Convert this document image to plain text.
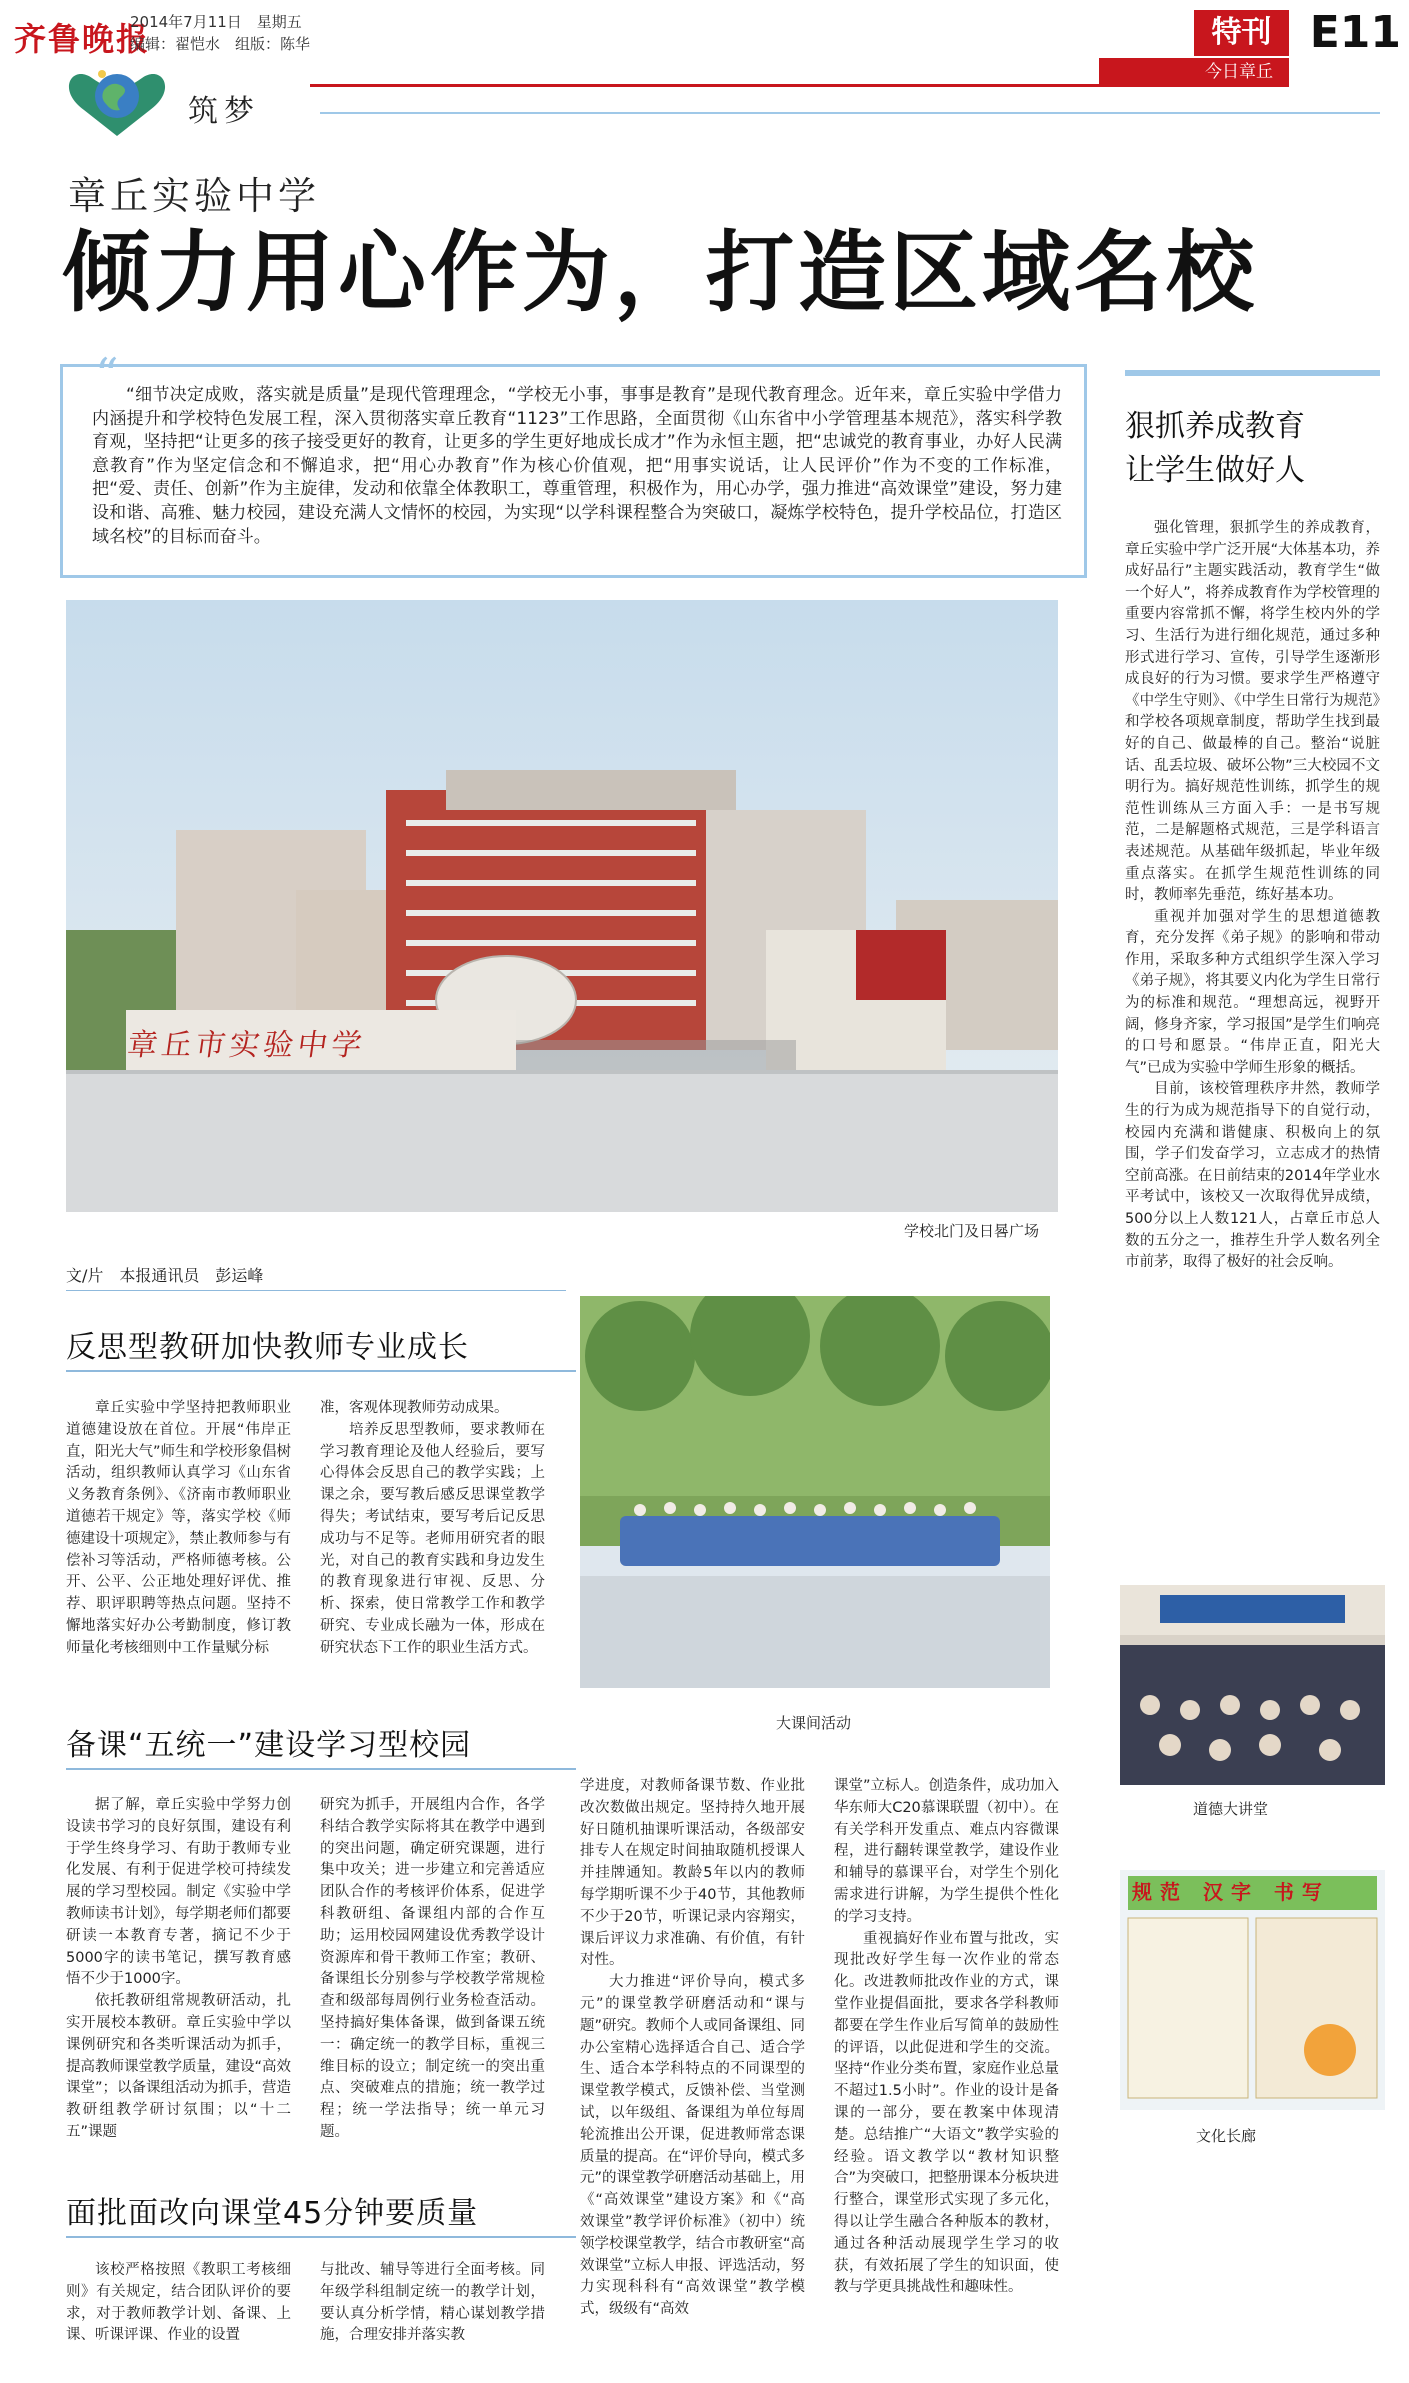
齐鲁晚报
2014年7月11日　星期五
编辑：翟恺水　组版：陈华	特刊 E11
今日章丘
筑梦
章丘实验中学
倾力用心作为，打造区域名校
“ “细节决定成败，落实就是质量”是现代管理理念，“学校无小事，事事是教育”是现代教育理念。近年来，章丘实验中学借力内涵提升和学校特色发展工程，深入贯彻落实章丘教育“1123”工作思路，全面贯彻《山东省中小学管理基本规范》，落实科学教育观，坚持把“让更多的孩子接受更好的教育，让更多的学生更好地成长成才”作为永恒主题，把“忠诚党的教育事业，办好人民满意教育”作为坚定信念和不懈追求，把“用心办教育”作为核心价值观，把“用事实说话，让人民评价”作为不变的工作标准，把“爱、责任、创新”作为主旋律，发动和依靠全体教职工，尊重管理，积极作为，用心办学，强力推进“高效课堂”建设，努力建设和谐、高雅、魅力校园，建设充满人文情怀的校园，为实现“以学科课程整合为突破口，凝炼学校特色，提升学校品位，打造区域名校”的目标而奋斗。
章丘市实验中学
学校北门及日晷广场
文/片　本报通讯员　彭运峰
反思型教研加快教师专业成长
章丘实验中学坚持把教师职业道德建设放在首位。开展“伟岸正直，阳光大气”师生和学校形象倡树活动，组织教师认真学习《山东省义务教育条例》、《济南市教师职业道德若干规定》等，落实学校《师德建设十项规定》，禁止教师参与有偿补习等活动，严格师德考核。公开、公平、公正地处理好评优、推荐、职评职聘等热点问题。坚持不懈地落实好办公考勤制度，修订教师量化考核细则中工作量赋分标

准，客观体现教师劳动成果。

培养反思型教师，要求教师在学习教育理论及他人经验后，要写心得体会反思自己的教学实践；上课之余，要写教后感反思课堂教学得失；考试结束，要写考后记反思成功与不足等。老师用研究者的眼光，对自己的教育实践和身边发生的教育现象进行审视、反思、分析、探索，使日常教学工作和教学研究、专业成长融为一体，形成在研究状态下工作的职业生活方式。

大课间活动
备课“五统一”建设学习型校园

据了解，章丘实验中学努力创设读书学习的良好氛围，建设有利于学生终身学习、有助于教师专业化发展、有利于促进学校可持续发展的学习型校园。制定《实验中学教师读书计划》，每学期老师们都要研读一本教育专著，摘记不少于5000字的读书笔记，撰写教育感悟不少于1000字。

依托教研组常规教研活动，扎实开展校本教研。章丘实验中学以课例研究和各类听课活动为抓手，提高教师课堂教学质量，建设“高效课堂”；以备课组活动为抓手，营造教研组教学研讨氛围；以“十二五”课题

研究为抓手，开展组内合作，各学科结合教学实际将其在教学中遇到的突出问题，确定研究课题，进行集中攻关；进一步建立和完善适应团队合作的考核评价体系，促进学科教研组、备课组内部的合作互助；运用校园网建设优秀教学设计资源库和骨干教师工作室；教研、备课组长分别参与学校教学常规检查和级部每周例行业务检查活动。坚持搞好集体备课，做到备课五统一：确定统一的教学目标，重视三维目标的设立；制定统一的突出重点、突破难点的措施；统一教学过程；统一学法指导；统一单元习题。

学进度，对教师备课节数、作业批改次数做出规定。坚持持久地开展好日随机抽课听课活动，各级部安排专人在规定时间抽取随机授课人并挂牌通知。教龄5年以内的教师每学期听课不少于40节，其他教师不少于20节，听课记录内容翔实，课后评议力求准确、有价值，有针对性。

大力推进“评价导向，模式多元”的课堂教学研磨活动和“课与题”研究。教师个人或同备课组、同办公室精心选择适合自己、适合学生、适合本学科特点的不同课型的课堂教学模式，反馈补偿、当堂测试，以年级组、备课组为单位每周轮流推出公开课，促进教师常态课质量的提高。在“评价导向，模式多元”的课堂教学研磨活动基础上，用《“高效课堂”建设方案》和《“高效课堂”教学评价标准》（初中）统领学校课堂教学，结合市教研室“高效课堂”立标人申报、评选活动，努力实现科科有“高效课堂”教学模式，级级有“高效

课堂”立标人。创造条件，成功加入华东师大C20慕课联盟（初中）。在有关学科开发重点、难点内容微课程，进行翻转课堂教学，建设作业和辅导的慕课平台，对学生个别化需求进行讲解，为学生提供个性化的学习支持。

重视搞好作业布置与批改，实现批改好学生每一次作业的常态化。改进教师批改作业的方式，课堂作业提倡面批，要求各学科教师都要在学生作业后写简单的鼓励性的评语，以此促进和学生的交流。坚持“作业分类布置，家庭作业总量不超过1.5小时”。作业的设计是备课的一部分，要在教案中体现清楚。总结推广“大语文”教学实验的经验。语文教学以“教材知识整合”为突破口，把整册课本分板块进行整合，课堂形式实现了多元化，得以让学生融合各种版本的教材，通过各种活动展现学生学习的收获，有效拓展了学生的知识面，使教与学更具挑战性和趣味性。

面批面改向课堂45分钟要质量
该校严格按照《教职工考核细则》有关规定，结合团队评价的要求，对于教师教学计划、备课、上课、听课评课、作业的设置
与批改、辅导等进行全面考核。同年级学科组制定统一的教学计划，要认真分析学情，精心谋划教学措施，合理安排并落实教
狠抓养成教育
让学生做好人

强化管理，狠抓学生的养成教育，章丘实验中学广泛开展“大体基本功，养成好品行”主题实践活动，教育学生“做一个好人”，将养成教育作为学校管理的重要内容常抓不懈，将学生校内外的学习、生活行为进行细化规范，通过多种形式进行学习、宣传，引导学生逐渐形成良好的行为习惯。要求学生严格遵守《中学生守则》、《中学生日常行为规范》和学校各项规章制度，帮助学生找到最好的自己、做最棒的自己。整治“说脏话、乱丢垃圾、破坏公物”三大校园不文明行为。搞好规范性训练，抓学生的规范性训练从三方面入手：一是书写规范，二是解题格式规范，三是学科语言表述规范。从基础年级抓起，毕业年级重点落实。在抓学生规范性训练的同时，教师率先垂范，练好基本功。

重视并加强对学生的思想道德教育，充分发挥《弟子规》的影响和带动作用，采取多种方式组织学生深入学习《弟子规》，将其要义内化为学生日常行为的标准和规范。“理想高远，视野开阔，修身齐家，学习报国”是学生们响亮的口号和愿景。“伟岸正直，阳光大气”已成为实验中学师生形象的概括。

目前，该校管理秩序井然，教师学生的行为成为规范指导下的自觉行动，校园内充满和谐健康、积极向上的氛围，学子们发奋学习，立志成才的热情空前高涨。在日前结束的2014年学业水平考试中，该校又一次取得优异成绩，500分以上人数121人，占章丘市总人数的五分之一，推荐生升学人数名列全市前茅，取得了极好的社会反响。

道德大讲堂
规范 汉字 书写
文化长廊
